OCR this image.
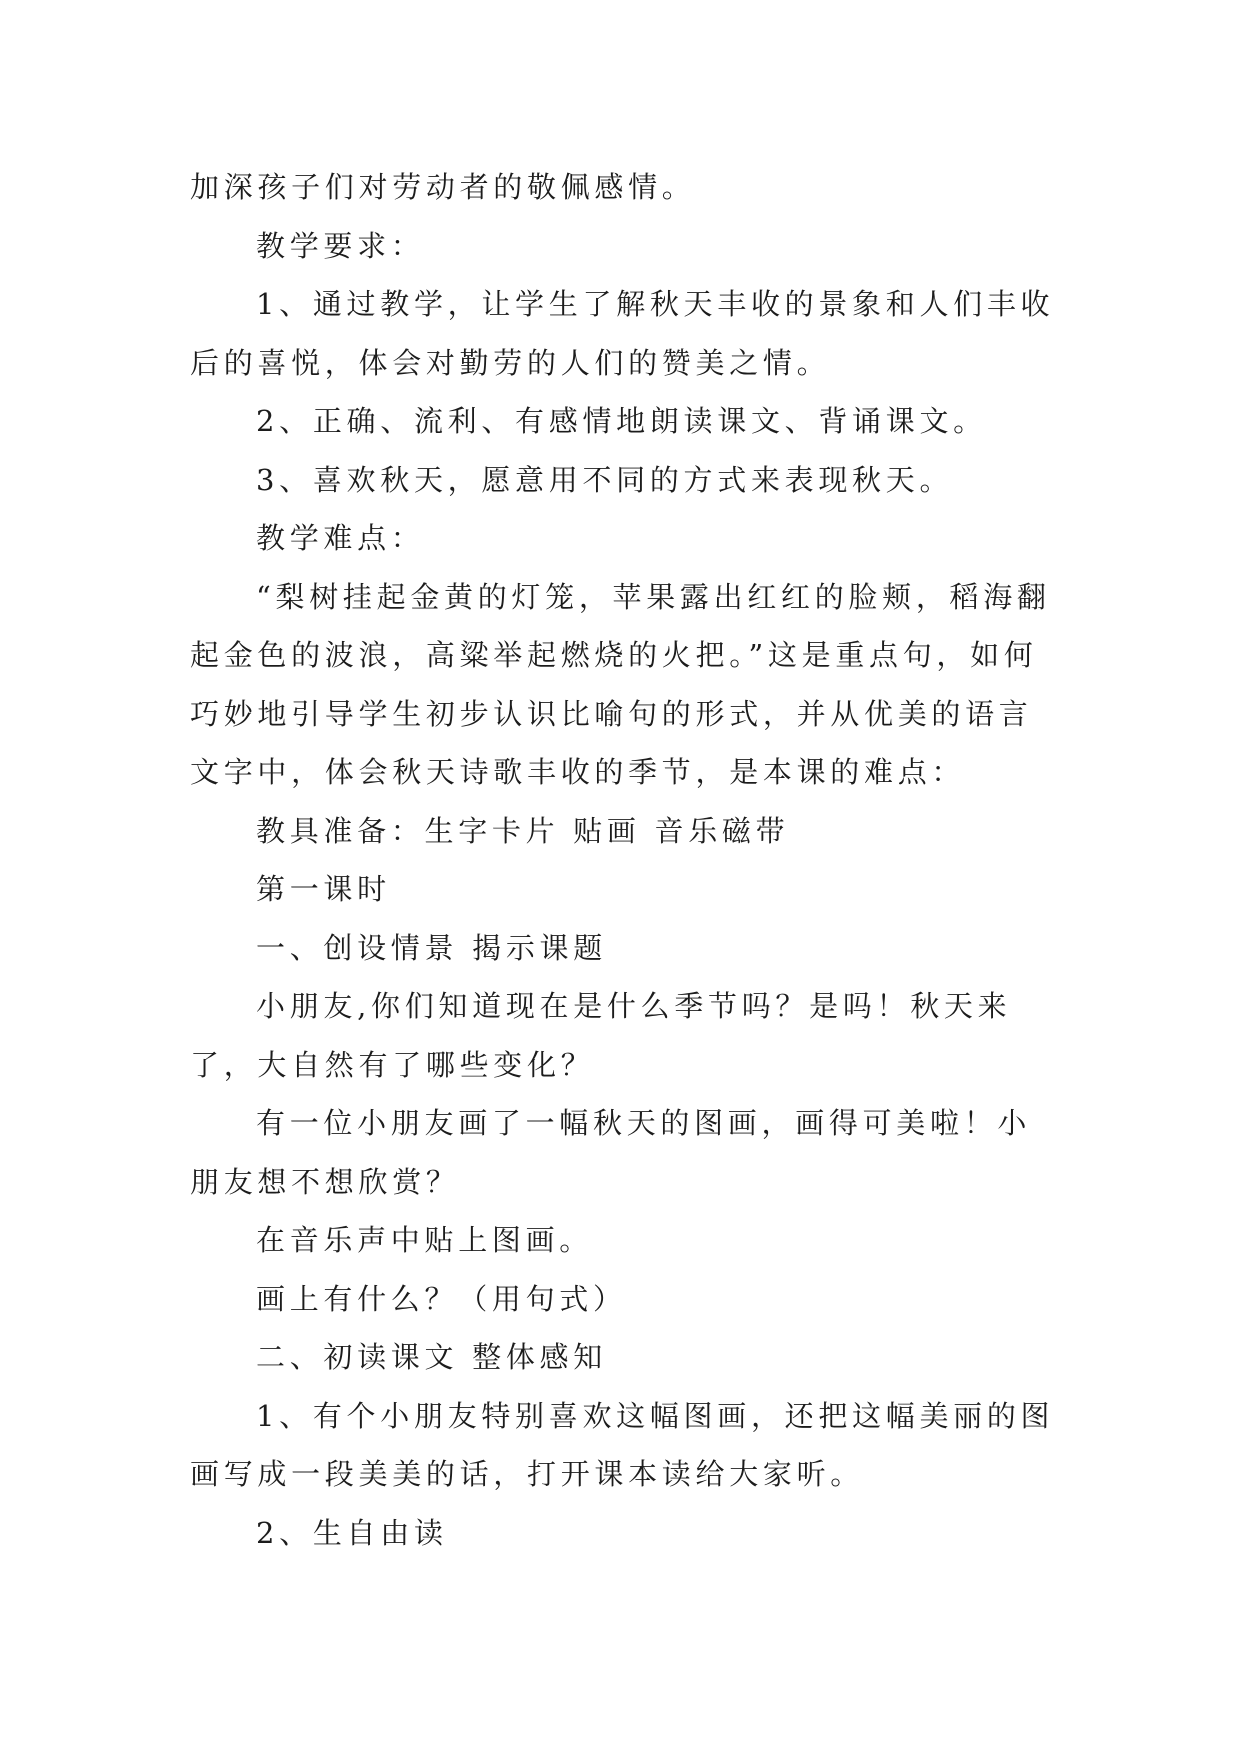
加深孩子们对劳动者的敬佩感情。

教学要求：

1、通过教学，让学生了解秋天丰收的景象和人们丰收后的喜悦，体会对勤劳的人们的赞美之情。

2、正确、流利、有感情地朗读课文、背诵课文。

3、喜欢秋天，愿意用不同的方式来表现秋天。

教学难点：

“梨树挂起金黄的灯笼，苹果露出红红的脸颊，稻海翻起金色的波浪，高粱举起燃烧的火把。”这是重点句，如何巧妙地引导学生初步认识比喻句的形式，并从优美的语言文字中，体会秋天诗歌丰收的季节，是本课的难点：

教具准备：生字卡片 贴画 音乐磁带

第一课时

一、创设情景 揭示课题

小朋友,你们知道现在是什么季节吗？是吗！秋天来了，大自然有了哪些变化？

有一位小朋友画了一幅秋天的图画，画得可美啦！小朋友想不想欣赏？

在音乐声中贴上图画。

画上有什么？（用句式）

二、初读课文 整体感知

1、有个小朋友特别喜欢这幅图画，还把这幅美丽的图画写成一段美美的话，打开课本读给大家听。

2、生自由读
